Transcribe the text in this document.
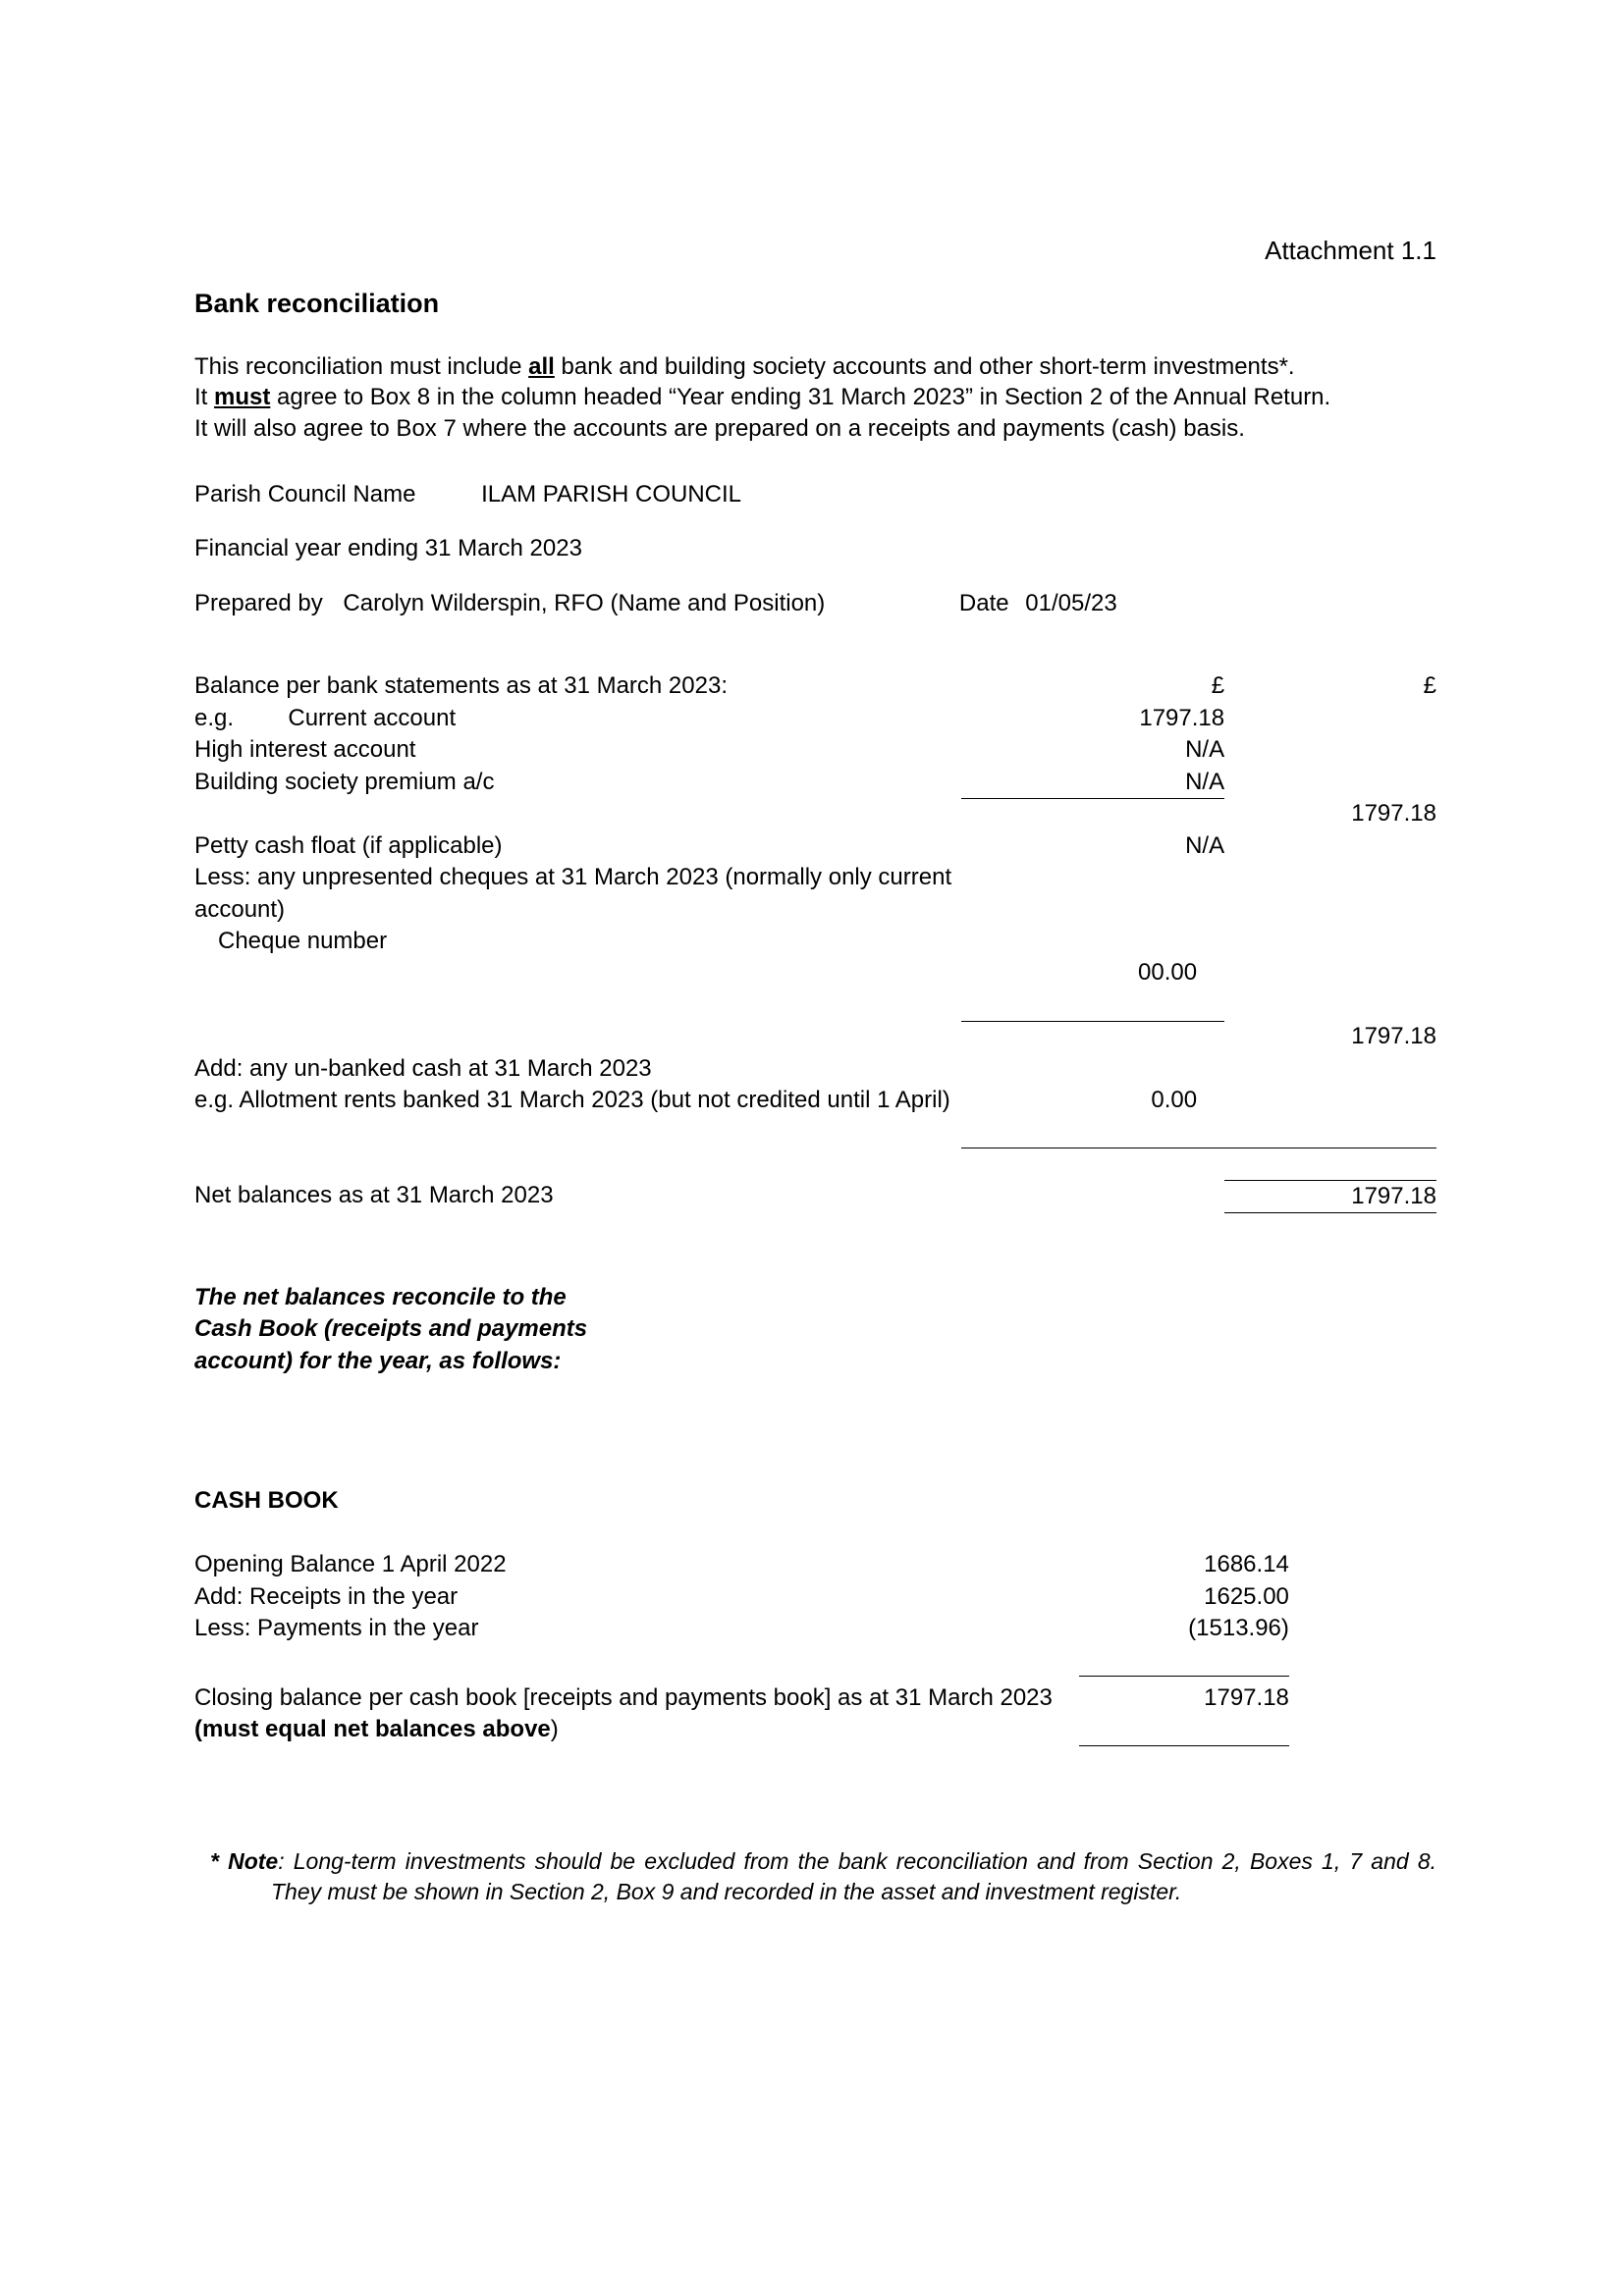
Attachment 1.1
Bank reconciliation

This reconciliation must include all bank and building society accounts and other short-term investments*.

It must agree to Box 8 in the column headed “Year ending 31 March 2023” in Section 2 of the Annual Return.

It will also agree to Box 7 where the accounts are prepared on a receipts and payments (cash) basis.

Parish Council Name	ILAM PARISH COUNCIL
Financial year ending 31 March 2023
Prepared by Carolyn Wilderspin, RFO (Name and Position)	Date 01/05/23
Balance per bank statements as at 31 March 2023:	£	£
e.g. Current account	1797.18	
High interest account	N/A	
Building society premium a/c	N/A	
		1797.18
Petty cash float (if applicable)	N/A	
Less: any unpresented cheques at 31 March 2023 (normally only current account)		
Cheque number		
	00.00	

		1797.18
Add: any un-banked cash at 31 March 2023		
e.g. Allotment rents banked 31 March 2023 (but not credited until 1 April)	0.00	

Net balances as at 31 March 2023		1797.18

The net balances reconcile to the Cash Book (receipts and payments account) for the year, as follows:

CASH BOOK
Opening Balance 1 April 2022	1686.14	
Add: Receipts in the year	1625.00	
Less: Payments in the year	(1513.96)	

Closing balance per cash book [receipts and payments book] as at 31 March 2023 (must equal net balances above)	1797.18	

* Note: Long-term investments should be excluded from the bank reconciliation and from Section 2, Boxes 1, 7 and 8. They must be shown in Section 2, Box 9 and recorded in the asset and investment register.
